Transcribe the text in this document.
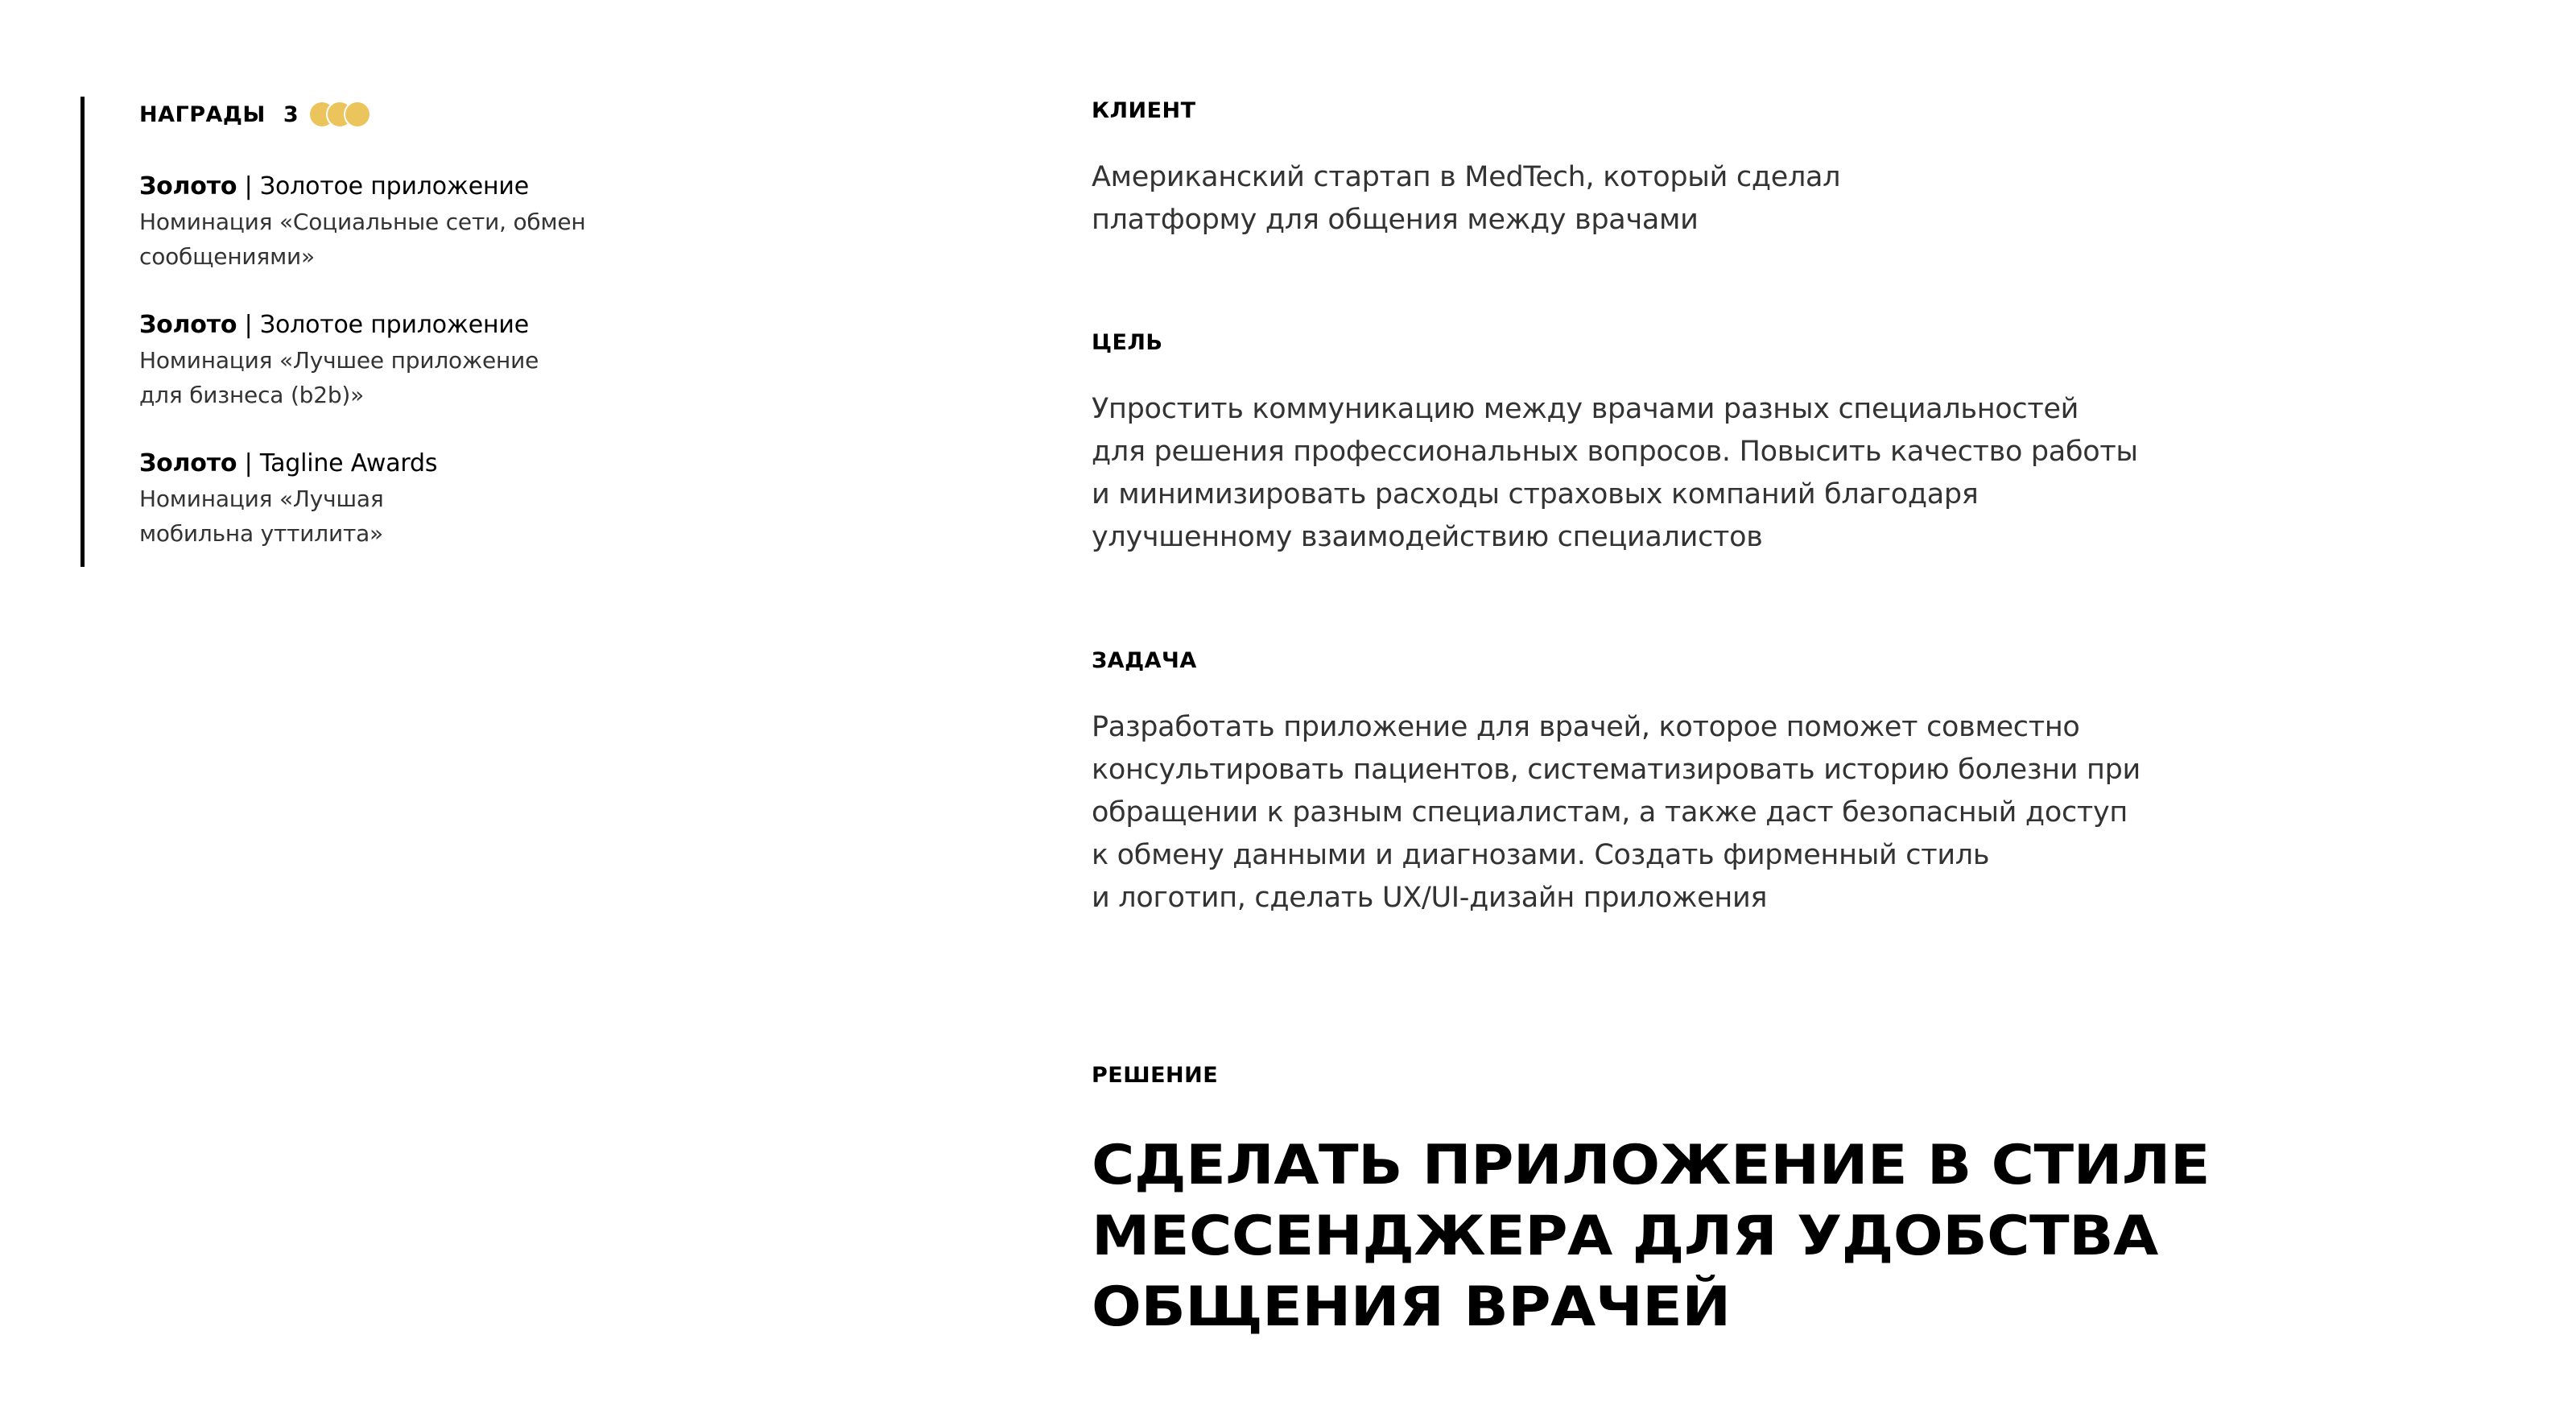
НАГРАДЫ 3
Золото | Золотое приложение
Номинация «Социальные сети, обмен
сообщениями»
Золото | Золотое приложение
Номинация «Лучшее приложение
для бизнеса (b2b)»
Золото | Tagline Awards
Номинация «Лучшая
мобильна уттилита»
КЛИЕНТ

Американский стартап в MedTech, который сделал
платформу для общения между врачами

ЦЕЛЬ

Упростить коммуникацию между врачами разных специальностей
для решения профессиональных вопросов. Повысить качество работы
и минимизировать расходы страховых компаний благодаря
улучшенному взаимодействию специалистов

ЗАДАЧА

Разработать приложение для врачей, которое поможет совместно
консультировать пациентов, систематизировать историю болезни при
обращении к разным специалистам, а также даст безопасный доступ
к обмену данными и диагнозами. Создать фирменный стиль
и логотип, сделать UX/UI-дизайн приложения

РЕШЕНИЕ
СДЕЛАТЬ ПРИЛОЖЕНИЕ В СТИЛЕ
МЕССЕНДЖЕРА ДЛЯ УДОБСТВА
ОБЩЕНИЯ ВРАЧЕЙ
